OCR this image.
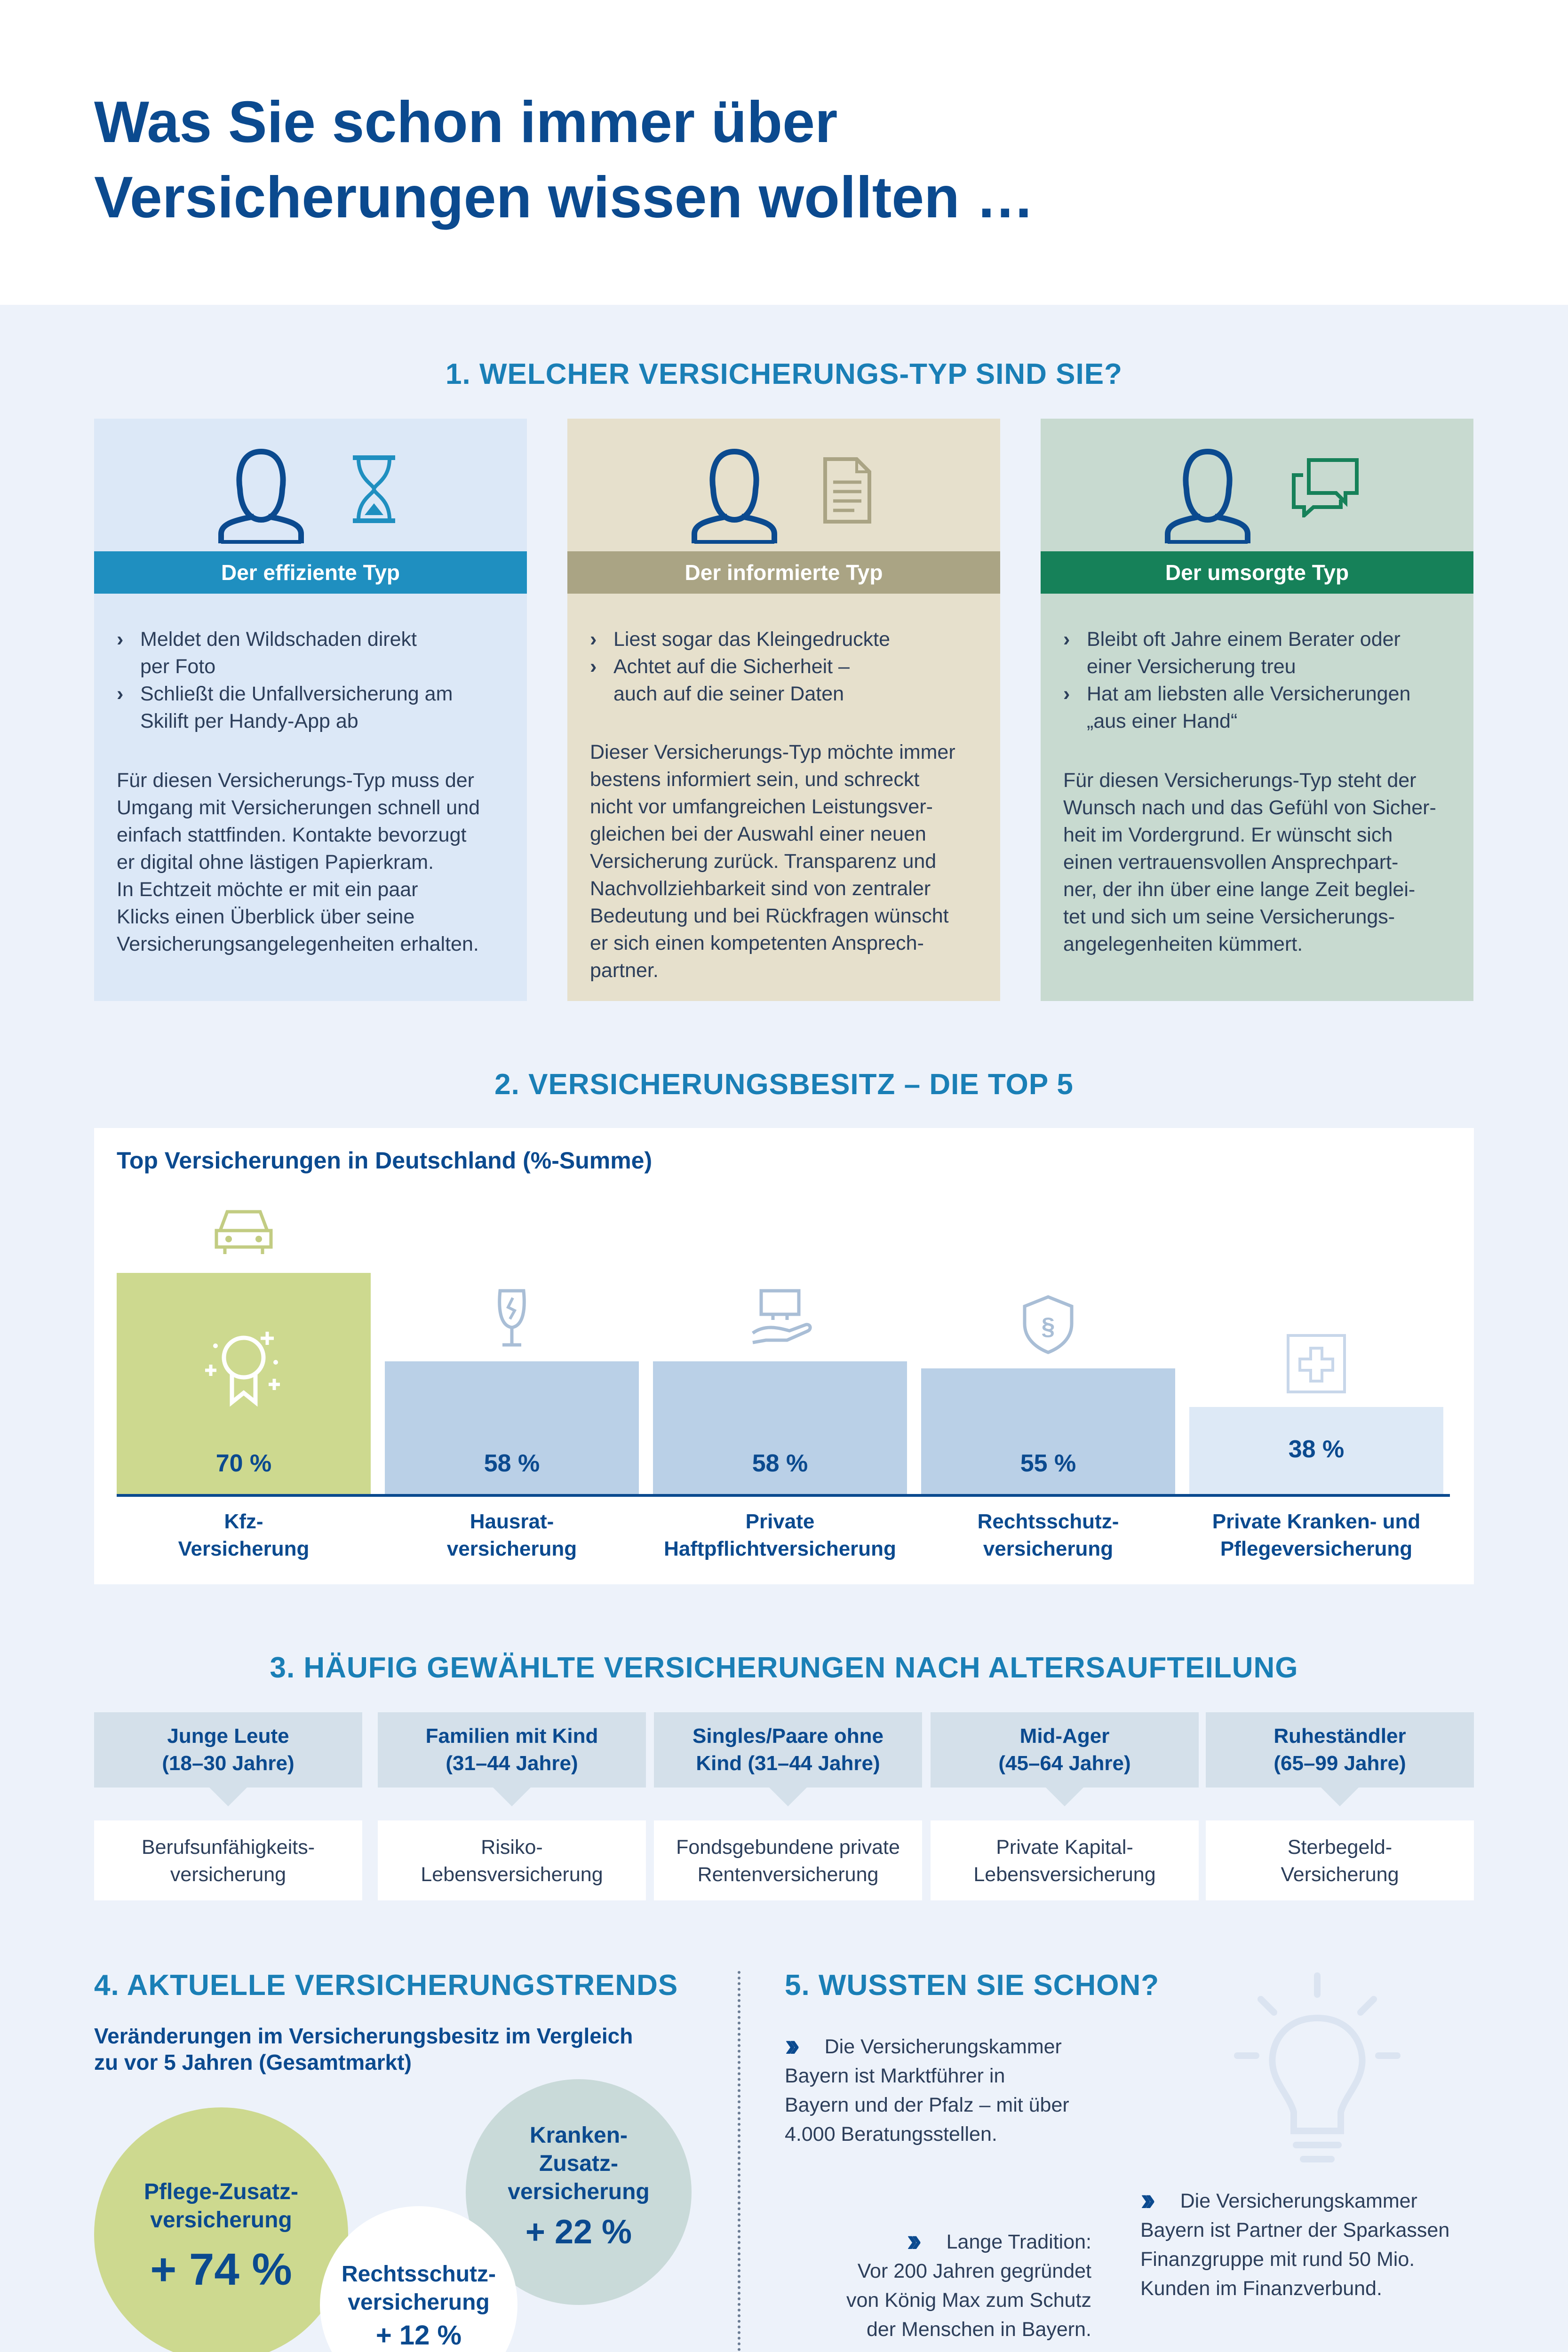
Was Sie schon immer über
Versicherungen wissen wollten …
1. WELCHER VERSICHERUNGS-TYP SIND SIE?
Der effiziente Typ
› Meldet den Wildschaden direkt
per Foto
› Schließt die Unfallversicherung am
Skilift per Handy-App ab
Für diesen Versicherungs-Typ muss der
Umgang mit Versicherungen schnell und
einfach stattfinden. Kontakte bevorzugt
er digital ohne lästigen Papierkram.
In Echtzeit möchte er mit ein paar
Klicks einen Überblick über seine
Versicherungsangelegenheiten erhalten.
Der informierte Typ
› Liest sogar das Kleingedruckte
› Achtet auf die Sicherheit –
auch auf die seiner Daten
Dieser Versicherungs-Typ möchte immer
bestens informiert sein, und schreckt
nicht vor umfangreichen Leistungsver-
gleichen bei der Auswahl einer neuen
Versicherung zurück. Transparenz und
Nachvollziehbarkeit sind von zentraler
Bedeutung und bei Rückfragen wünscht
er sich einen kompetenten Ansprech-
partner.
Der umsorgte Typ
› Bleibt oft Jahre einem Berater oder
einer Versicherung treu
› Hat am liebsten alle Versicherungen
„aus einer Hand“
Für diesen Versicherungs-Typ steht der
Wunsch nach und das Gefühl von Sicher-
heit im Vordergrund. Er wünscht sich
einen vertrauensvollen Ansprechpart-
ner, der ihn über eine lange Zeit beglei-
tet und sich um seine Versicherungs-
angelegenheiten kümmert.
2. VERSICHERUNGSBESITZ – DIE TOP 5
Top Versicherungen in Deutschland (%-Summe)
70 %
Kfz-
Versicherung
58 %
Hausrat-
versicherung
58 %
Private
Haftpflichtversicherung
55 %
§
Rechtsschutz-
versicherung
38 %
Private Kranken- und
Pflegeversicherung
3. HÄUFIG GEWÄHLTE VERSICHERUNGEN NACH ALTERSAUFTEILUNG
Junge Leute
(18–30 Jahre)
Berufsunfähigkeits-
versicherung
Familien mit Kind
(31–44 Jahre)
Risiko-
Lebensversicherung
Singles/Paare ohne
Kind (31–44 Jahre)
Fondsgebundene private
Rentenversicherung
Mid-Ager
(45–64 Jahre)
Private Kapital-
Lebensversicherung
Ruheständler
(65–99 Jahre)
Sterbegeld-
Versicherung
4. AKTUELLE VERSICHERUNGSTRENDS
Veränderungen im Versicherungsbesitz im Vergleich
zu vor 5 Jahren (Gesamtmarkt)
Pflege-Zusatz-
versicherung
+ 74 %
Kranken-
Zusatz-
versicherung
+ 22 %
Rechtsschutz-
versicherung
+ 12 %
5. WUSSTEN SIE SCHON?
›› Die Versicherungskammer
Bayern ist Marktführer in
Bayern und der Pfalz – mit über
4.000 Beratungsstellen.
›› Die Versicherungskammer
Bayern ist Partner der Sparkassen
Finanzgruppe mit rund 50 Mio.
Kunden im Finanzverbund.
›› Lange Tradition:
Vor 200 Jahren gegründet
von König Max zum Schutz
der Menschen in Bayern.
